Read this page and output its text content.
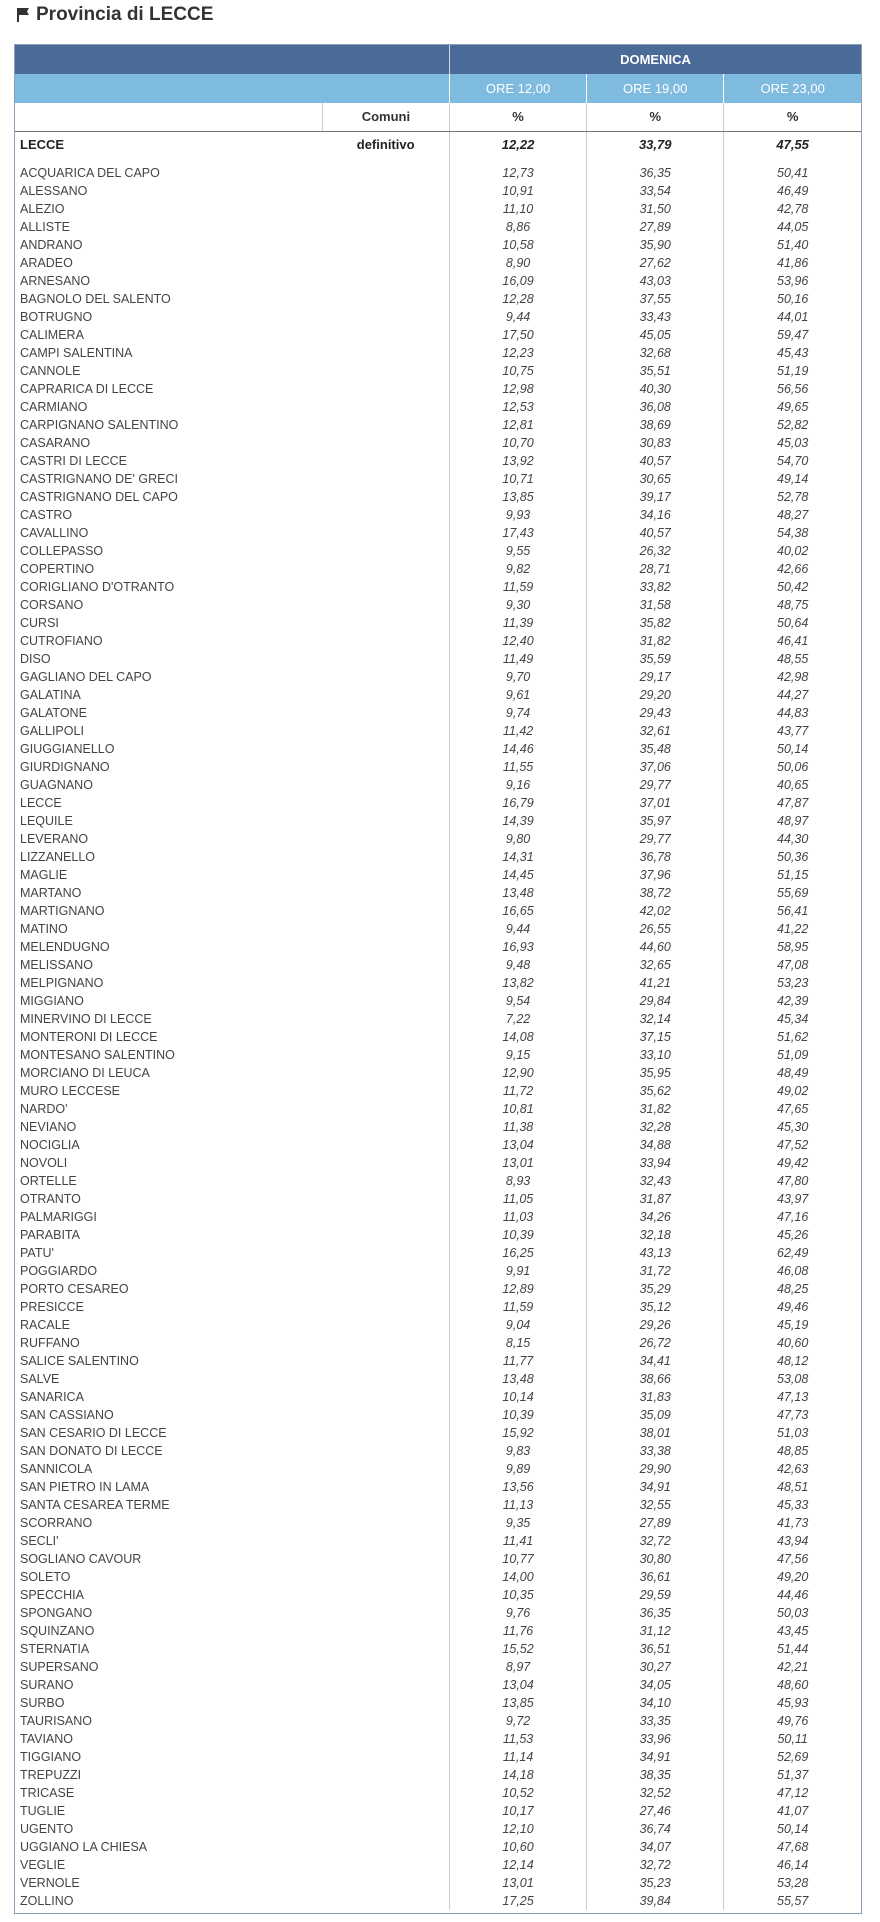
Provincia di LECCE
		DOMENICA		
		ORE 12,00	ORE 19,00	ORE 23,00
	Comuni	%	%	%
LECCE	definitivo	12,22	33,79	47,55

ACQUARICA DEL CAPO		12,73	36,35	50,41
ALESSANO		10,91	33,54	46,49
ALEZIO		11,10	31,50	42,78
ALLISTE		8,86	27,89	44,05
ANDRANO		10,58	35,90	51,40
ARADEO		8,90	27,62	41,86
ARNESANO		16,09	43,03	53,96
BAGNOLO DEL SALENTO		12,28	37,55	50,16
BOTRUGNO		9,44	33,43	44,01
CALIMERA		17,50	45,05	59,47
CAMPI SALENTINA		12,23	32,68	45,43
CANNOLE		10,75	35,51	51,19
CAPRARICA DI LECCE		12,98	40,30	56,56
CARMIANO		12,53	36,08	49,65
CARPIGNANO SALENTINO		12,81	38,69	52,82
CASARANO		10,70	30,83	45,03
CASTRI DI LECCE		13,92	40,57	54,70
CASTRIGNANO DE' GRECI		10,71	30,65	49,14
CASTRIGNANO DEL CAPO		13,85	39,17	52,78
CASTRO		9,93	34,16	48,27
CAVALLINO		17,43	40,57	54,38
COLLEPASSO		9,55	26,32	40,02
COPERTINO		9,82	28,71	42,66
CORIGLIANO D'OTRANTO		11,59	33,82	50,42
CORSANO		9,30	31,58	48,75
CURSI		11,39	35,82	50,64
CUTROFIANO		12,40	31,82	46,41
DISO		11,49	35,59	48,55
GAGLIANO DEL CAPO		9,70	29,17	42,98
GALATINA		9,61	29,20	44,27
GALATONE		9,74	29,43	44,83
GALLIPOLI		11,42	32,61	43,77
GIUGGIANELLO		14,46	35,48	50,14
GIURDIGNANO		11,55	37,06	50,06
GUAGNANO		9,16	29,77	40,65
LECCE		16,79	37,01	47,87
LEQUILE		14,39	35,97	48,97
LEVERANO		9,80	29,77	44,30
LIZZANELLO		14,31	36,78	50,36
MAGLIE		14,45	37,96	51,15
MARTANO		13,48	38,72	55,69
MARTIGNANO		16,65	42,02	56,41
MATINO		9,44	26,55	41,22
MELENDUGNO		16,93	44,60	58,95
MELISSANO		9,48	32,65	47,08
MELPIGNANO		13,82	41,21	53,23
MIGGIANO		9,54	29,84	42,39
MINERVINO DI LECCE		7,22	32,14	45,34
MONTERONI DI LECCE		14,08	37,15	51,62
MONTESANO SALENTINO		9,15	33,10	51,09
MORCIANO DI LEUCA		12,90	35,95	48,49
MURO LECCESE		11,72	35,62	49,02
NARDO'		10,81	31,82	47,65
NEVIANO		11,38	32,28	45,30
NOCIGLIA		13,04	34,88	47,52
NOVOLI		13,01	33,94	49,42
ORTELLE		8,93	32,43	47,80
OTRANTO		11,05	31,87	43,97
PALMARIGGI		11,03	34,26	47,16
PARABITA		10,39	32,18	45,26
PATU'		16,25	43,13	62,49
POGGIARDO		9,91	31,72	46,08
PORTO CESAREO		12,89	35,29	48,25
PRESICCE		11,59	35,12	49,46
RACALE		9,04	29,26	45,19
RUFFANO		8,15	26,72	40,60
SALICE SALENTINO		11,77	34,41	48,12
SALVE		13,48	38,66	53,08
SANARICA		10,14	31,83	47,13
SAN CASSIANO		10,39	35,09	47,73
SAN CESARIO DI LECCE		15,92	38,01	51,03
SAN DONATO DI LECCE		9,83	33,38	48,85
SANNICOLA		9,89	29,90	42,63
SAN PIETRO IN LAMA		13,56	34,91	48,51
SANTA CESAREA TERME		11,13	32,55	45,33
SCORRANO		9,35	27,89	41,73
SECLI'		11,41	32,72	43,94
SOGLIANO CAVOUR		10,77	30,80	47,56
SOLETO		14,00	36,61	49,20
SPECCHIA		10,35	29,59	44,46
SPONGANO		9,76	36,35	50,03
SQUINZANO		11,76	31,12	43,45
STERNATIA		15,52	36,51	51,44
SUPERSANO		8,97	30,27	42,21
SURANO		13,04	34,05	48,60
SURBO		13,85	34,10	45,93
TAURISANO		9,72	33,35	49,76
TAVIANO		11,53	33,96	50,11
TIGGIANO		11,14	34,91	52,69
TREPUZZI		14,18	38,35	51,37
TRICASE		10,52	32,52	47,12
TUGLIE		10,17	27,46	41,07
UGENTO		12,10	36,74	50,14
UGGIANO LA CHIESA		10,60	34,07	47,68
VEGLIE		12,14	32,72	46,14
VERNOLE		13,01	35,23	53,28
ZOLLINO		17,25	39,84	55,57
